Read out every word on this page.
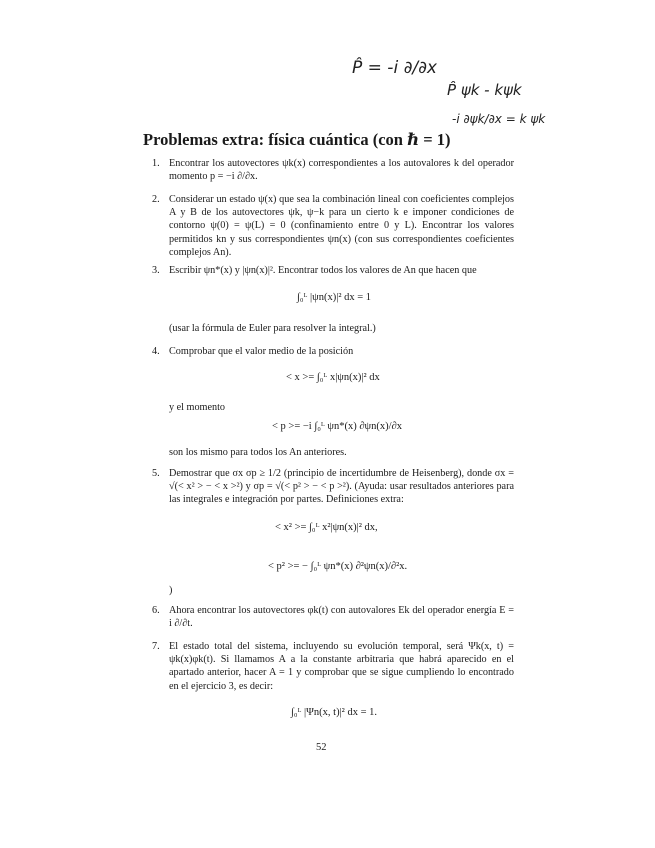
P̂ = -i ∂/∂x
P̂ ψk - kψk
-i ∂ψk/∂x = k ψk
Problemas extra: física cuántica (con ℏ = 1)
1. Encontrar los autovectores ψk(x) correspondientes a los autovalores k del operador momento p = −i ∂/∂x.
2. Considerar un estado ψ(x) que sea la combinación lineal con coeficientes complejos A y B de los autovectores ψk, ψ−k para un cierto k e imponer condiciones de contorno ψ(0) = ψ(L) = 0 (confinamiento entre 0 y L). Encontrar los valores permitidos kn y sus correspondientes ψn(x) (con sus correspondientes coeficientes complejos An).
3. Escribir ψn*(x) y |ψn(x)|². Encontrar todos los valores de An que hacen que
∫₀ᴸ |ψn(x)|² dx = 1
(usar la fórmula de Euler para resolver la integral.)
4. Comprobar que el valor medio de la posición
< x >= ∫₀ᴸ x|ψn(x)|² dx
y el momento
< p >= −i ∫₀ᴸ ψn*(x) ∂ψn(x)/∂x
son los mismo para todos los An anteriores.
5. Demostrar que σx σp ≥ 1/2 (principio de incertidumbre de Heisenberg), donde σx = √(< x² > − < x >²) y σp = √(< p² > − < p >²). (Ayuda: usar resultados anteriores para las integrales e integración por partes. Definiciones extra:
< x² >= ∫₀ᴸ x²|ψn(x)|² dx,
< p² >= − ∫₀ᴸ ψn*(x) ∂²ψn(x)/∂²x.
)
6. Ahora encontrar los autovectores φk(t) con autovalores Ek del operador energía E = i ∂/∂t.
7. El estado total del sistema, incluyendo su evolución temporal, será Ψk(x, t) = ψk(x)φk(t). Si llamamos A a la constante arbitraria que habrá aparecido en el apartado anterior, hacer A = 1 y comprobar que se sigue cumpliendo lo encontrado en el ejercicio 3, es decir:
∫₀ᴸ |Ψn(x, t)|² dx = 1.
52
